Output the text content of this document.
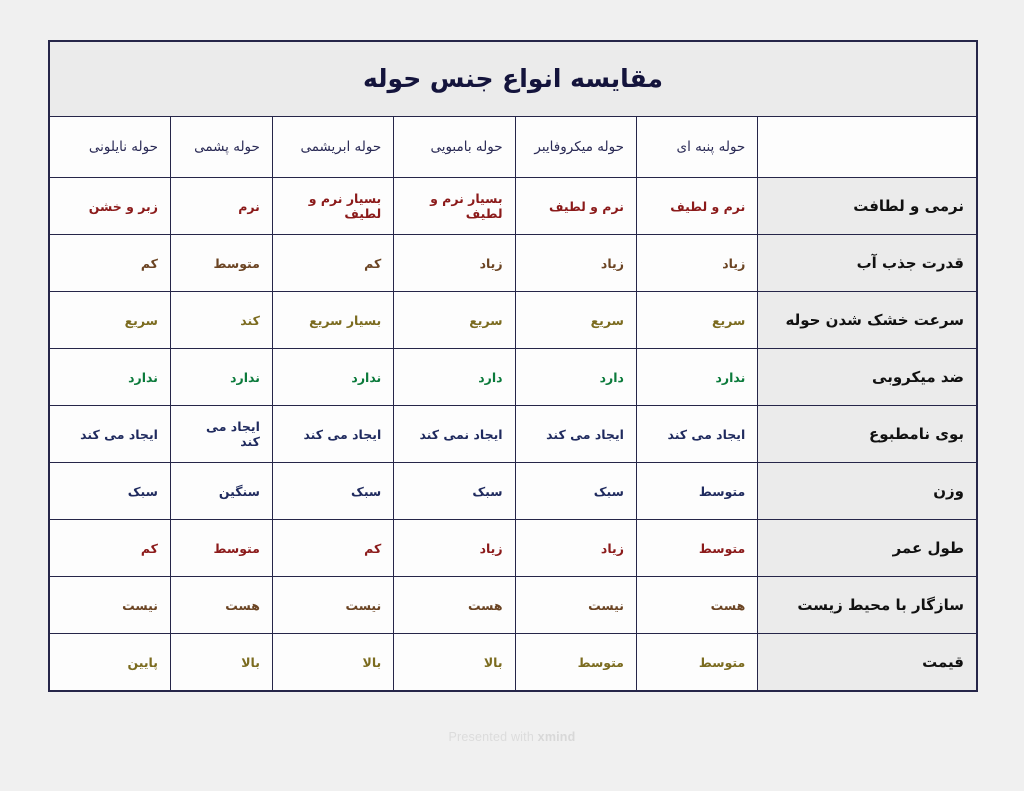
مقایسه انواع جنس حوله						
	حوله پنبه ای	حوله میکروفایبر	حوله بامبویی	حوله ابریشمی	حوله پشمی	حوله نایلونی
نرمی و لطافت	نرم و لطیف	نرم و لطیف	بسیار نرم و لطیف	بسیار نرم و لطیف	نرم	زبر و خشن
قدرت جذب آب	زیاد	زیاد	زیاد	کم	متوسط	کم
سرعت خشک شدن حوله	سریع	سریع	سریع	بسیار سریع	کند	سریع
ضد میکروبی	ندارد	دارد	دارد	ندارد	ندارد	ندارد
بوی نامطبوع	ایجاد می کند	ایجاد می کند	ایجاد نمی کند	ایجاد می کند	ایجاد می کند	ایجاد می کند
وزن	متوسط	سبک	سبک	سبک	سنگین	سبک
طول عمر	متوسط	زیاد	زیاد	کم	متوسط	کم
سازگار با محیط زیست	هست	نیست	هست	نیست	هست	نیست
قیمت	متوسط	متوسط	بالا	بالا	بالا	پایین
Presented with xmind
